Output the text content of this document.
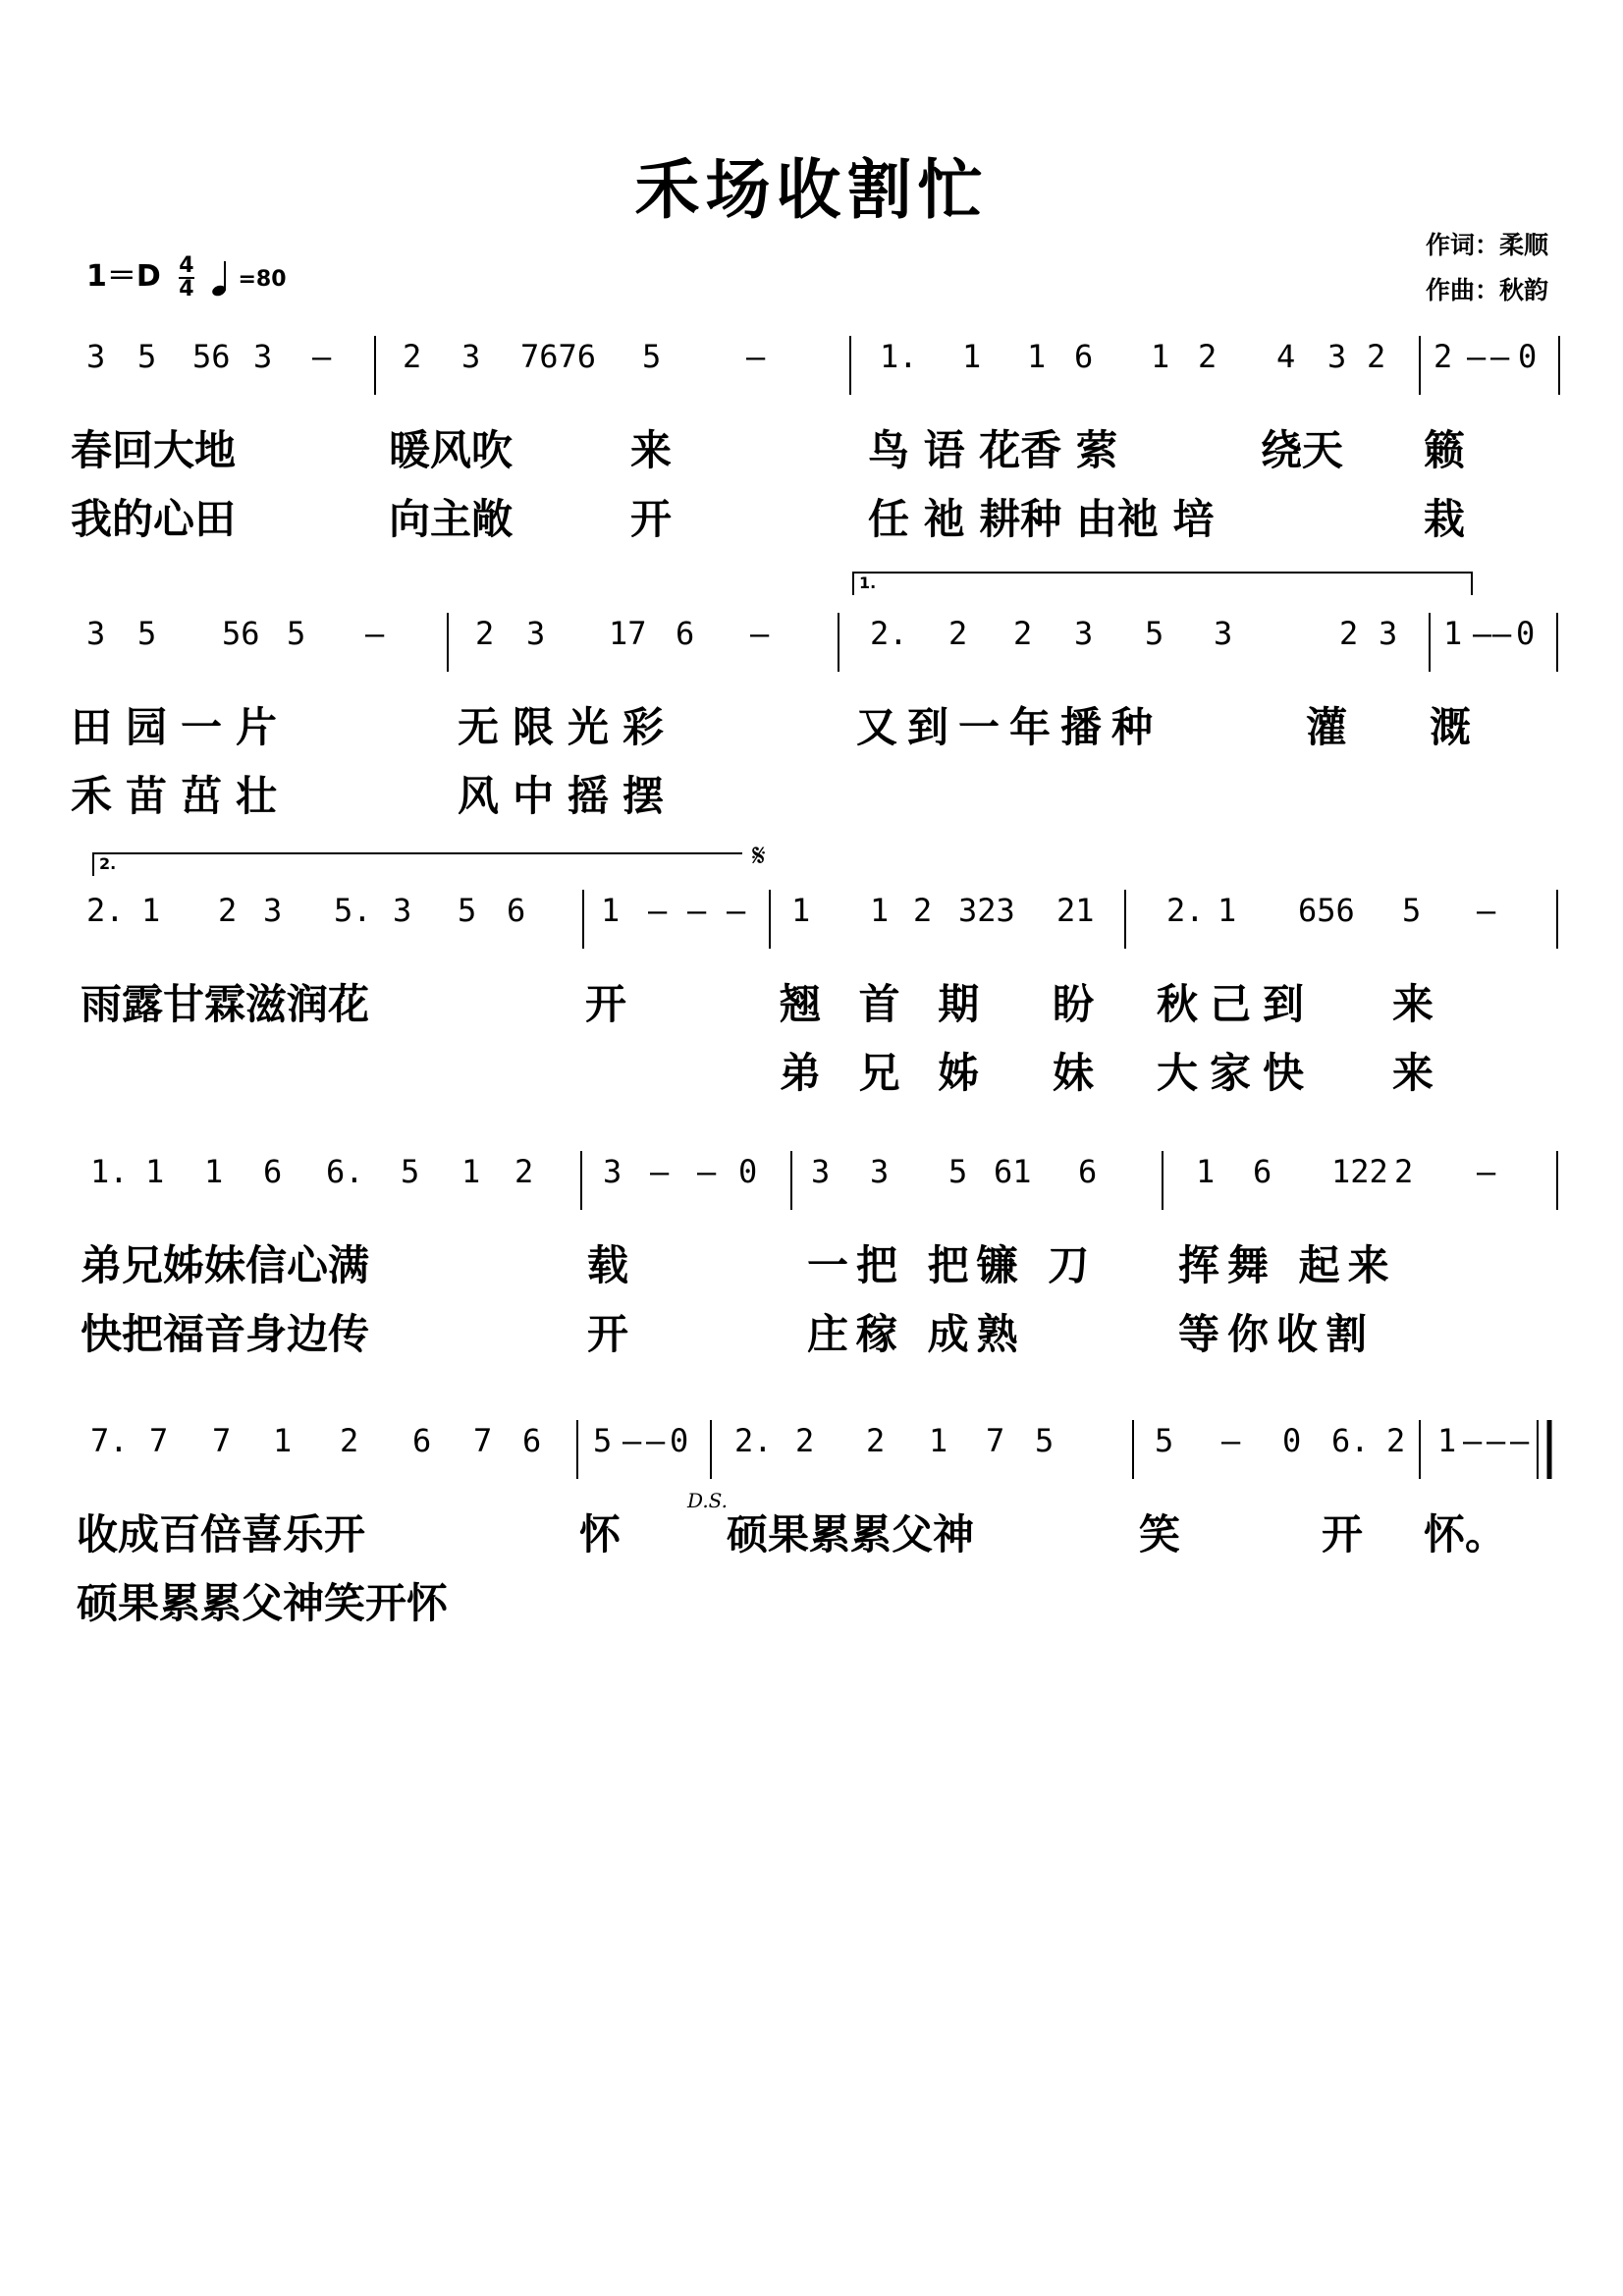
禾场收割忙
$1=D \frac{4}{4}$
=80
作词：柔顺
作曲：秋韵
3 5 56 3 – 2 3 7676 5	–	1. 1 1 6 1 2 4 3 2 2 – – 0
春回大地	暖风吹	来	鸟 语 花香 萦	绕天 籁
我的心田	向主敞	开	任 祂 耕种 由祂 培	栽
1.
3 5 56 5 –	2 3 17 6 –	2. 2 2 3 5 3	2 3 1 – – 0
田园一片	无限光彩	又到一年播种	灌 溉
禾苗茁壮	风中摇摆
2.	𝄋
2. 1 2 3 5. 3 5 6 1 – – – 1 1 2 323 21 2. 1 656 5 –
雨露甘霖滋润花	开	翘 首 期 盼 秋己到 来
弟 兄 姊 妹 大家快 来
1. 1 1 6 6. 5 1 2 3 – – 0 3 3 5 61 6	1 6 122 2 –
弟兄姊妹信心满	载	一把 把镰 刀 挥舞 起来
快把福音身边传	开	庄稼 成熟	等你收割
7. 7 7 1 2 6 7 6 5 – – 0 2. 2 2 1 7 5	5 – 0 6. 2 1 – – –
D.S.
收成百倍喜乐开	怀	硕果累累父神	笑	开 怀。
硕果累累父神笑开怀
